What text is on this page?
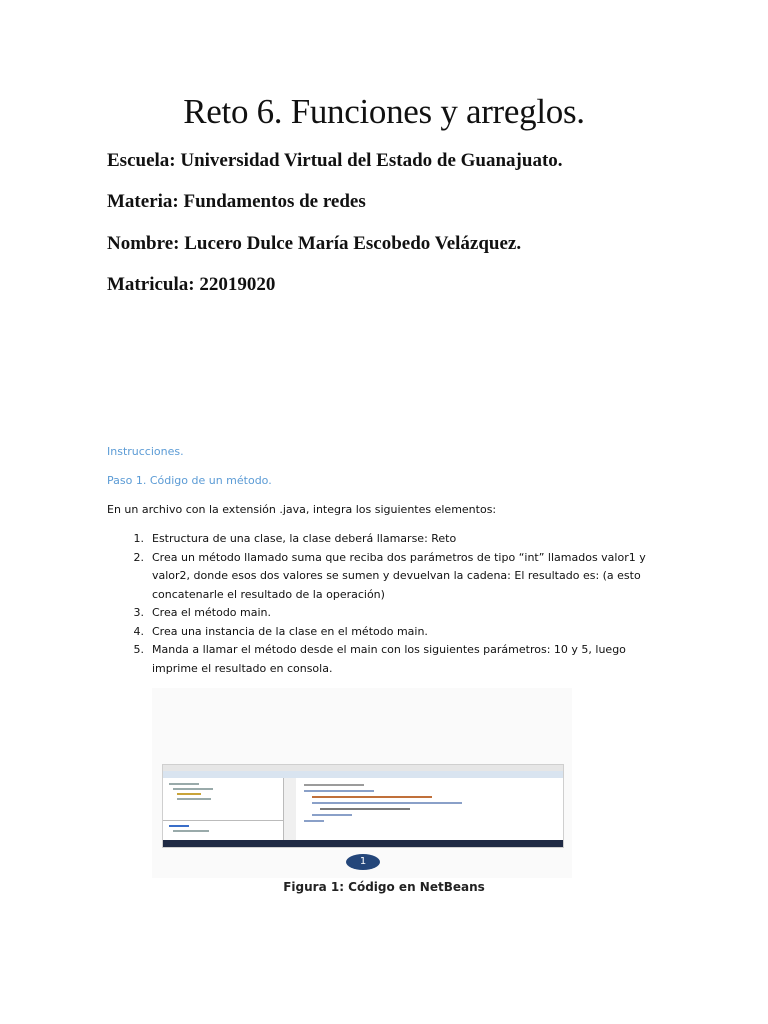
Reto 6. Funciones y arreglos.
Escuela: Universidad Virtual del Estado de Guanajuato.
Materia: Fundamentos de redes
Nombre: Lucero Dulce María Escobedo Velázquez.
Matricula: 22019020
Instrucciones.
Paso 1. Código de un método.
En un archivo con la extensión .java, integra los siguientes elementos:
1. Estructura de una clase, la clase deberá llamarse: Reto
2. Crea un método llamado suma que reciba dos parámetros de tipo “int” llamados valor1 y valor2, donde esos dos valores se sumen y devuelvan la cadena: El resultado es: (a esto concatenarle el resultado de la operación)
3. Crea el método main.
4. Crea una instancia de la clase en el método main.
5. Manda a llamar el método desde el main con los siguientes parámetros: 10 y 5, luego imprime el resultado en consola.
1
Figura 1: Código en NetBeans
